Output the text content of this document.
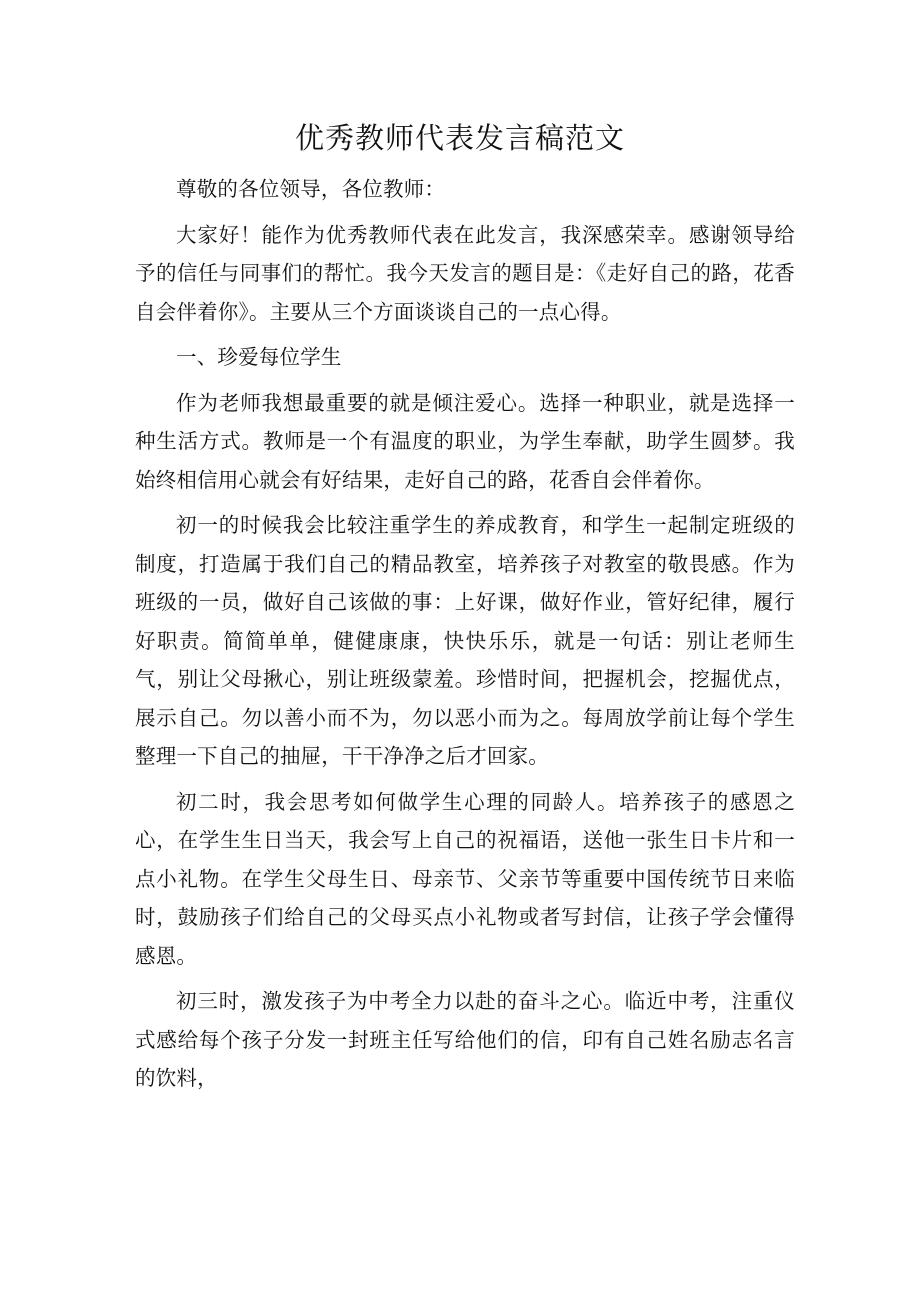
优秀教师代表发言稿范文

尊敬的各位领导，各位教师：

大家好！能作为优秀教师代表在此发言，我深感荣幸。感谢领导给予的信任与同事们的帮忙。我今天发言的题目是：《走好自己的路，花香自会伴着你》。主要从三个方面谈谈自己的一点心得。

一、珍爱每位学生

作为老师我想最重要的就是倾注爱心。选择一种职业，就是选择一种生活方式。教师是一个有温度的职业，为学生奉献，助学生圆梦。我始终相信用心就会有好结果，走好自己的路，花香自会伴着你。

初一的时候我会比较注重学生的养成教育，和学生一起制定班级的制度，打造属于我们自己的精品教室，培养孩子对教室的敬畏感。作为班级的一员，做好自己该做的事：上好课，做好作业，管好纪律，履行好职责。简简单单，健健康康，快快乐乐，就是一句话：别让老师生气，别让父母揪心，别让班级蒙羞。珍惜时间，把握机会，挖掘优点，展示自己。勿以善小而不为，勿以恶小而为之。每周放学前让每个学生整理一下自己的抽屉，干干净净之后才回家。

初二时，我会思考如何做学生心理的同龄人。培养孩子的感恩之心，在学生生日当天，我会写上自己的祝福语，送他一张生日卡片和一点小礼物。在学生父母生日、母亲节、父亲节等重要中国传统节日来临时，鼓励孩子们给自己的父母买点小礼物或者写封信，让孩子学会懂得感恩。

初三时，激发孩子为中考全力以赴的奋斗之心。临近中考，注重仪式感给每个孩子分发一封班主任写给他们的信，印有自己姓名励志名言的饮料，
